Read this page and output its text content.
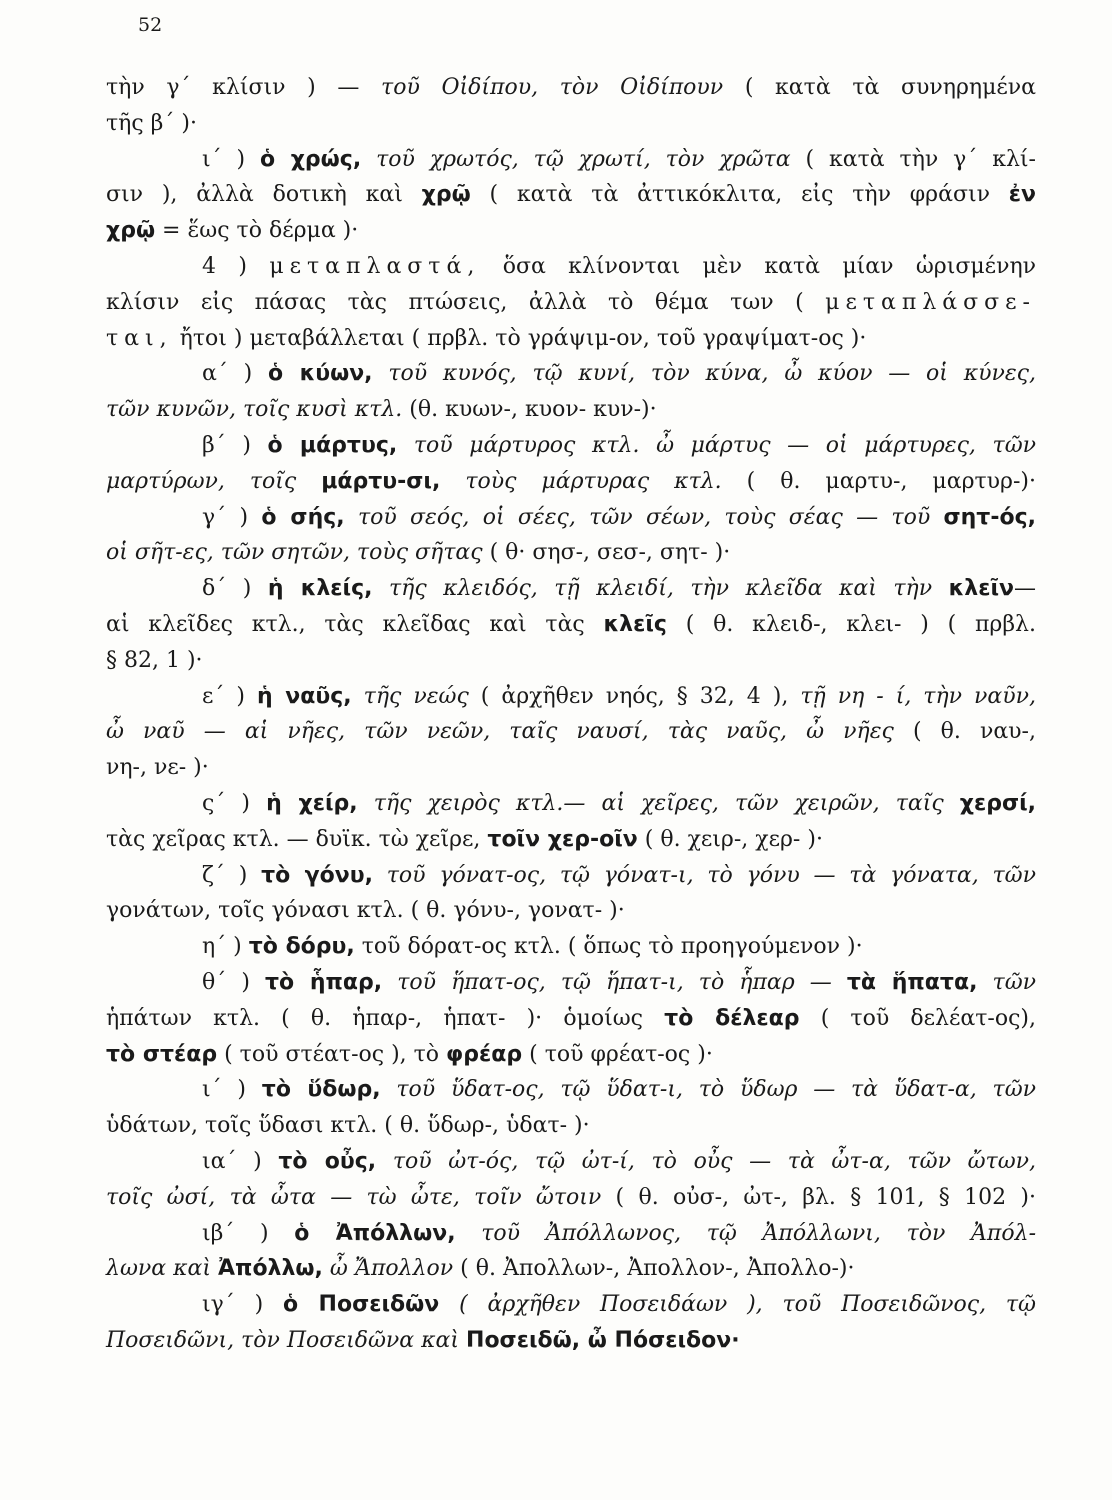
52
τὴν γ΄ κλίσιν ) — τοῦ Οἰδίπου, τὸν Οἰδίπουν ( κατὰ τὰ συνηρημένα
τῆς β΄ )·
ι΄ ) ὁ χρώς, τοῦ χρωτός, τῷ χρωτί, τὸν χρῶτα ( κατὰ τὴν γ΄ κλί-
σιν ), ἀλλὰ δοτικὴ καὶ χρῷ ( κατὰ τὰ ἀττικόκλιτα, εἰς τὴν φράσιν ἐν
χρῷ = ἕως τὸ δέρμα )·
4 ) μεταπλαστά, ὅσα κλίνονται μὲν κατὰ μίαν ὡρισμένην
κλίσιν εἰς πάσας τὰς πτώσεις, ἀλλὰ τὸ θέμα των ( μεταπλάσσε-
ται, ἤτοι ) μεταβάλλεται ( πρβλ. τὸ γράψιμ-ον, τοῦ γραψίματ-ος )·
α΄ ) ὁ κύων, τοῦ κυνός, τῷ κυνί, τὸν κύνα, ὦ κύον — οἱ κύνες,
τῶν κυνῶν, τοῖς κυσὶ κτλ. (θ. κυων-, κυον- κυν-)·
β΄ ) ὁ μάρτυς, τοῦ μάρτυρος κτλ. ὦ μάρτυς — οἱ μάρτυρες, τῶν
μαρτύρων, τοῖς μάρτυ-σι, τοὺς μάρτυρας κτλ. ( θ. μαρτυ-, μαρτυρ-)·
γ΄ ) ὁ σής, τοῦ σεός, οἱ σέες, τῶν σέων, τοὺς σέας — τοῦ σητ-ός,
οἱ σῆτ-ες, τῶν σητῶν, τοὺς σῆτας ( θ· σησ-, σεσ-, σητ- )·
δ΄ ) ἡ κλείς, τῆς κλειδός, τῇ κλειδί, τὴν κλεῖδα καὶ τὴν κλεῖν—
αἱ κλεῖδες κτλ., τὰς κλεῖδας καὶ τὰς κλεῖς ( θ. κλειδ-, κλει- ) ( πρβλ.
§ 82, 1 )·
ε΄ ) ἡ ναῦς, τῆς νεώς ( ἀρχῆθεν νηός, § 32, 4 ), τῇ νη - ί, τὴν ναῦν,
ὦ ναῦ — αἱ νῆες, τῶν νεῶν, ταῖς ναυσί, τὰς ναῦς, ὦ νῆες ( θ. ναυ-,
νη-, νε- )·
ς΄ ) ἡ χείρ, τῆς χειρὸς κτλ.— αἱ χεῖρες, τῶν χειρῶν, ταῖς χερσί,
τὰς χεῖρας κτλ. — δυϊκ. τὼ χεῖρε, τοῖν χερ-οῖν ( θ. χειρ-, χερ- )·
ζ΄ ) τὸ γόνυ, τοῦ γόνατ-ος, τῷ γόνατ-ι, τὸ γόνυ — τὰ γόνατα, τῶν
γονάτων, τοῖς γόνασι κτλ. ( θ. γόνυ-, γονατ- )·
η΄ ) τὸ δόρυ, τοῦ δόρατ-ος κτλ. ( ὅπως τὸ προηγούμενον )·
θ΄ ) τὸ ἧπαρ, τοῦ ἥπατ-ος, τῷ ἥπατ-ι, τὸ ἧπαρ — τὰ ἥπατα, τῶν
ἡπάτων κτλ. ( θ. ἡπαρ-, ἡπατ- )· ὁμοίως τὸ δέλεαρ ( τοῦ δελέατ-ος),
τὸ στέαρ ( τοῦ στέατ-ος ), τὸ φρέαρ ( τοῦ φρέατ-ος )·
ι΄ ) τὸ ὕδωρ, τοῦ ὕδατ-ος, τῷ ὕδατ-ι, τὸ ὕδωρ — τὰ ὕδατ-α, τῶν
ὑδάτων, τοῖς ὕδασι κτλ. ( θ. ὕδωρ-, ὑδατ- )·
ια΄ ) τὸ οὖς, τοῦ ὠτ-ός, τῷ ὠτ-ί, τὸ οὖς — τὰ ὦτ-α, τῶν ὤτων,
τοῖς ὠσί, τὰ ὦτα — τὼ ὦτε, τοῖν ὤτοιν ( θ. οὐσ-, ὠτ-, βλ. § 101, § 102 )·
ιβ΄ ) ὁ Ἀπόλλων, τοῦ Ἀπόλλωνος, τῷ Ἀπόλλωνι, τὸν Ἀπόλ-
λωνα καὶ Ἀπόλλω, ὦ Ἄπολλον ( θ. Ἀπολλων-, Ἀπολλον-, Ἀπολλο-)·
ιγ΄ ) ὁ Ποσειδῶν ( ἀρχῆθεν Ποσειδάων ), τοῦ Ποσειδῶνος, τῷ
Ποσειδῶνι, τὸν Ποσειδῶνα καὶ Ποσειδῶ, ὦ Πόσειδον·
